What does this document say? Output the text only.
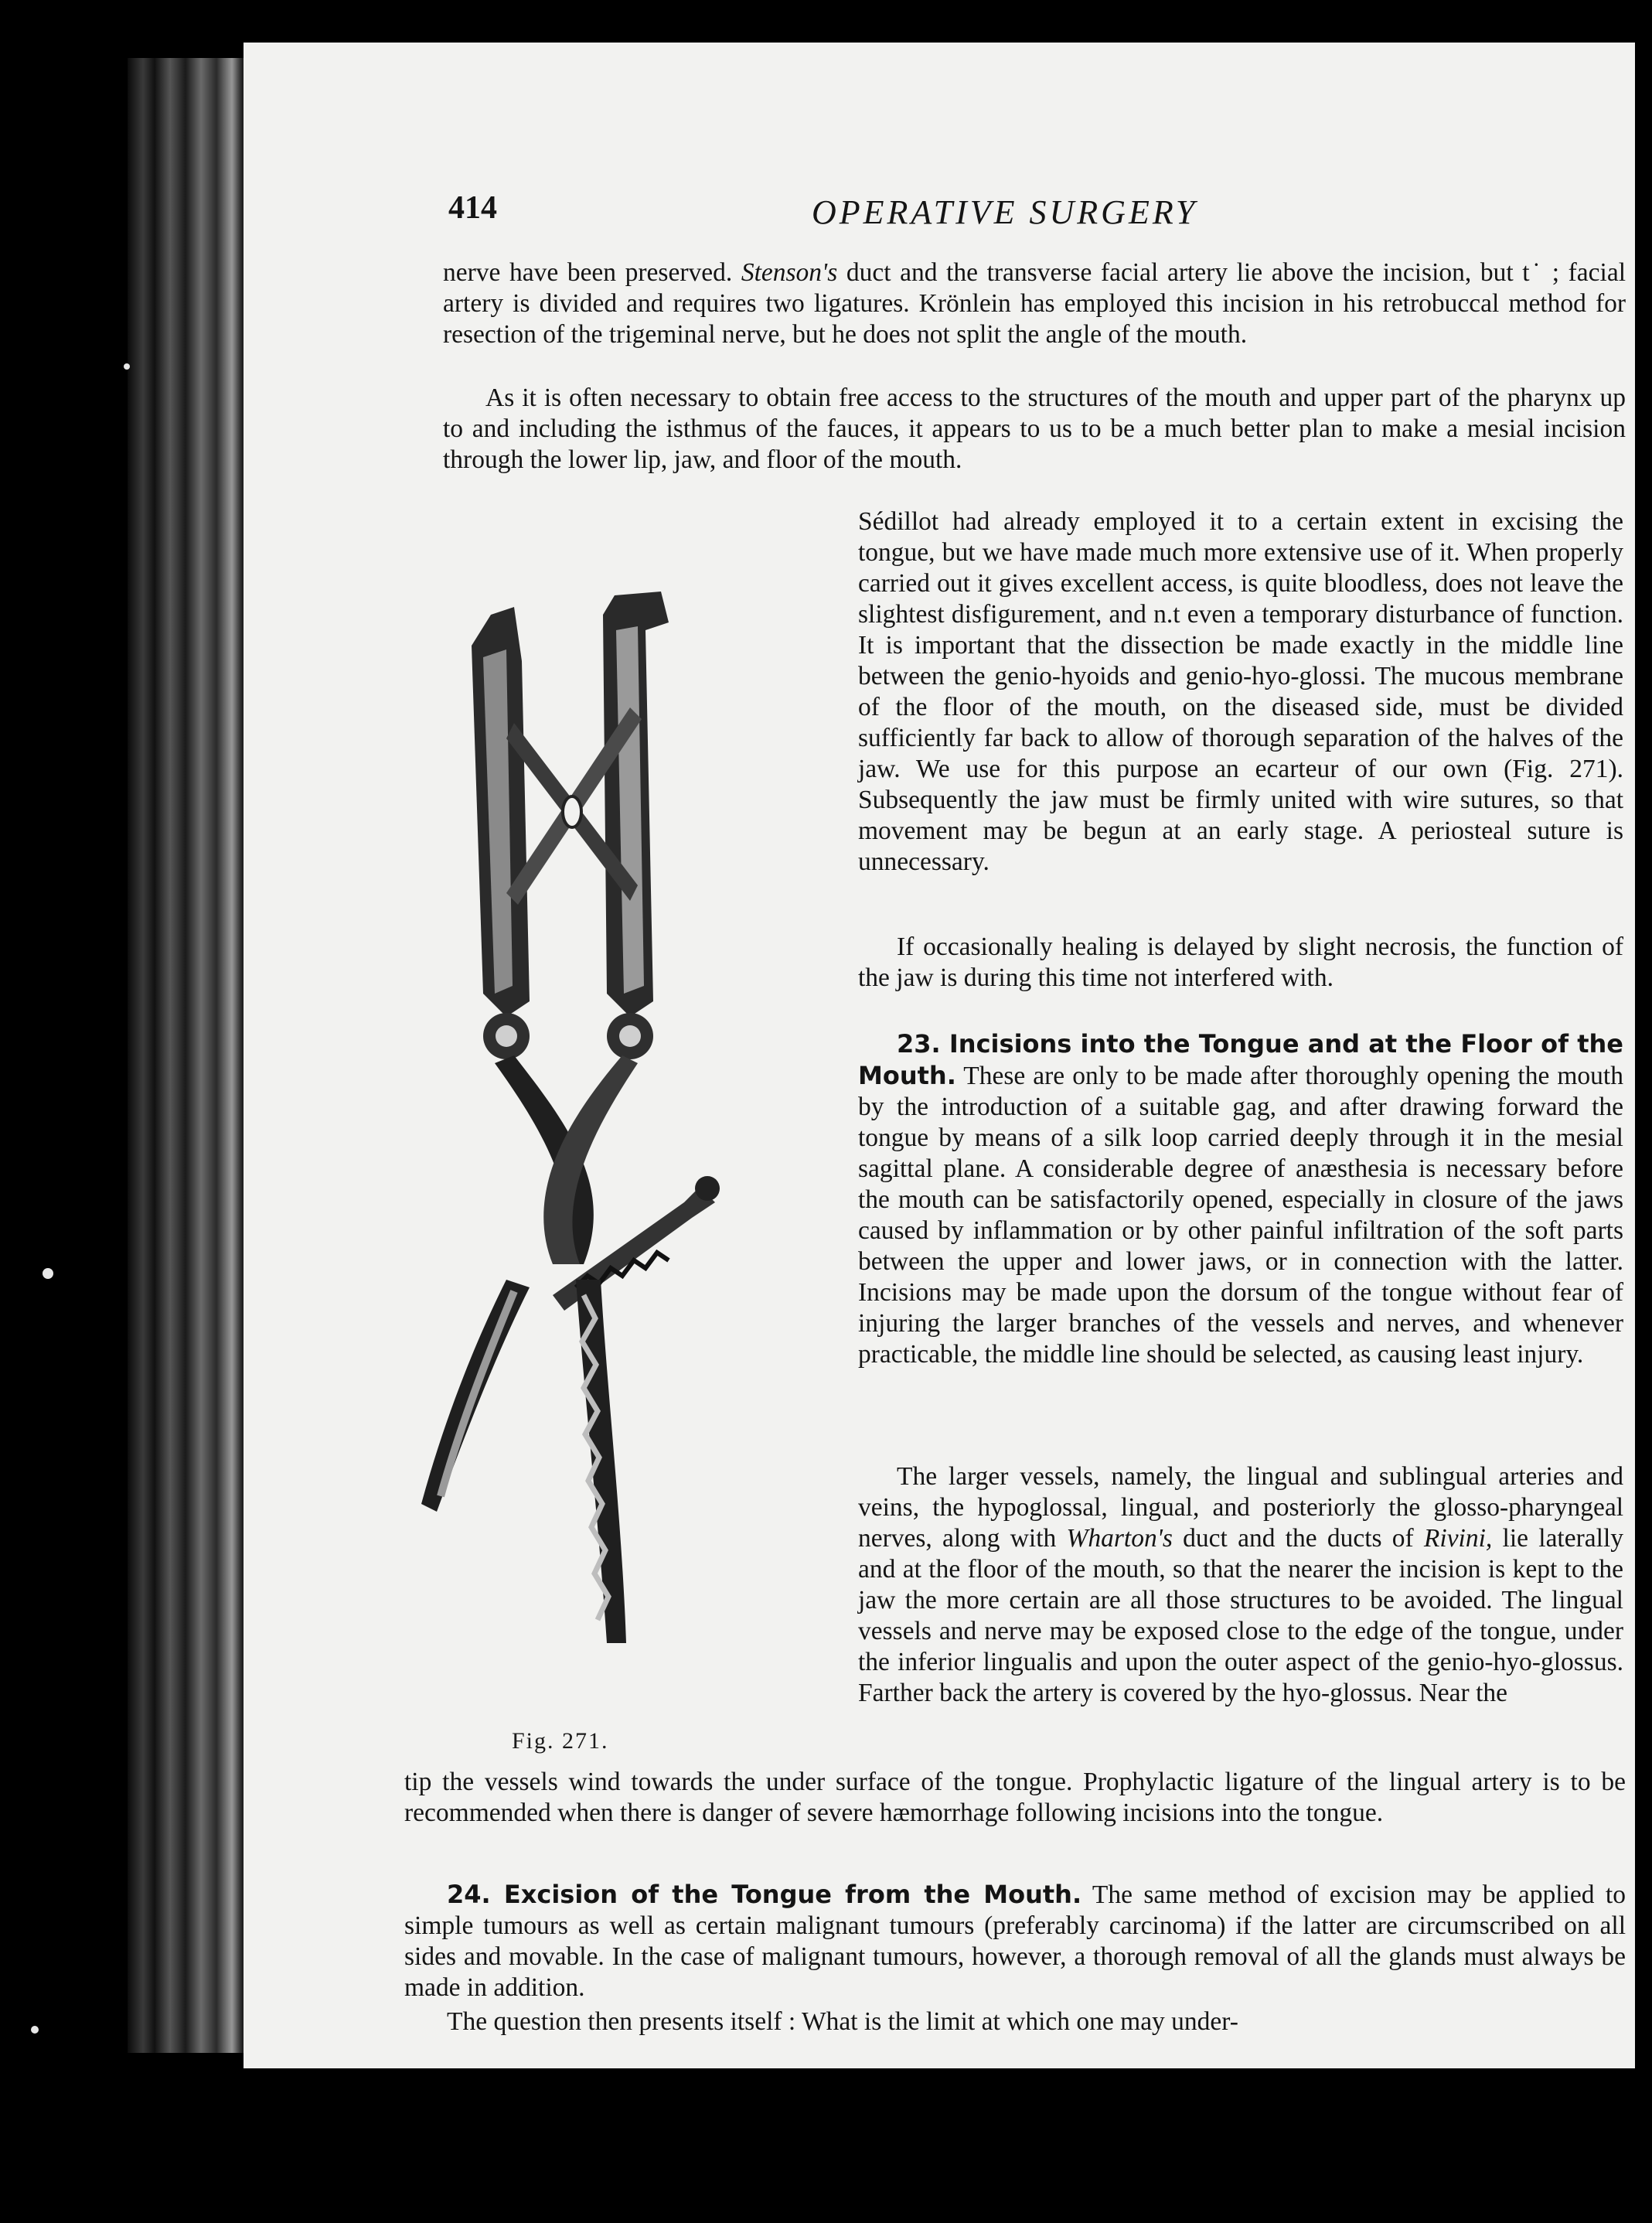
414	OPERATIVE SURGERY
nerve have been preserved. Stenson's duct and the transverse facial artery lie above the incision, but t˙ ; facial artery is divided and requires two ligatures. Krönlein has employed this incision in his retrobuccal method for resection of the trigeminal nerve, but he does not split the angle of the mouth.
As it is often necessary to obtain free access to the structures of the mouth and upper part of the pharynx up to and including the isthmus of the fauces, it appears to us to be a much better plan to make a mesial incision through the lower lip, jaw, and floor of the mouth.
Sédillot had already employed it to a certain extent in excising the tongue, but we have made much more extensive use of it. When properly carried out it gives excellent access, is quite bloodless, does not leave the slightest disfigurement, and n.t even a temporary disturbance of function. It is important that the dissection be made exactly in the middle line between the genio-hyoids and genio-hyo-glossi. The mucous membrane of the floor of the mouth, on the diseased side, must be divided sufficiently far back to allow of thorough separation of the halves of the jaw. We use for this purpose an ecarteur of our own (Fig. 271). Subsequently the jaw must be firmly united with wire sutures, so that movement may be begun at an early stage. A periosteal suture is unnecessary.
If occasionally healing is delayed by slight necrosis, the function of the jaw is during this time not interfered with.
23. Incisions into the Tongue and at the Floor of the Mouth. These are only to be made after thoroughly opening the mouth by the introduction of a suitable gag, and after drawing forward the tongue by means of a silk loop carried deeply through it in the mesial sagittal plane. A considerable degree of anæsthesia is necessary before the mouth can be satisfactorily opened, especially in closure of the jaws caused by inflammation or by other painful infiltration of the soft parts between the upper and lower jaws, or in connection with the latter. Incisions may be made upon the dorsum of the tongue without fear of injuring the larger branches of the vessels and nerves, and whenever practicable, the middle line should be selected, as causing least injury.
The larger vessels, namely, the lingual and sublingual arteries and veins, the hypoglossal, lingual, and posteriorly the glosso-pharyngeal nerves, along with Wharton's duct and the ducts of Rivini, lie laterally and at the floor of the mouth, so that the nearer the incision is kept to the jaw the more certain are all those structures to be avoided. The lingual vessels and nerve may be exposed close to the edge of the tongue, under the inferior lingualis and upon the outer aspect of the genio-hyo-glossus. Farther back the artery is covered by the hyo-glossus. Near the
tip the vessels wind towards the under surface of the tongue. Prophylactic ligature of the lingual artery is to be recommended when there is danger of severe hæmorrhage following incisions into the tongue.
24. Excision of the Tongue from the Mouth. The same method of excision may be applied to simple tumours as well as certain malignant tumours (preferably carcinoma) if the latter are circumscribed on all sides and movable. In the case of malignant tumours, however, a thorough removal of all the glands must always be made in addition.
The question then presents itself : What is the limit at which one may under-
Fig. 271.
